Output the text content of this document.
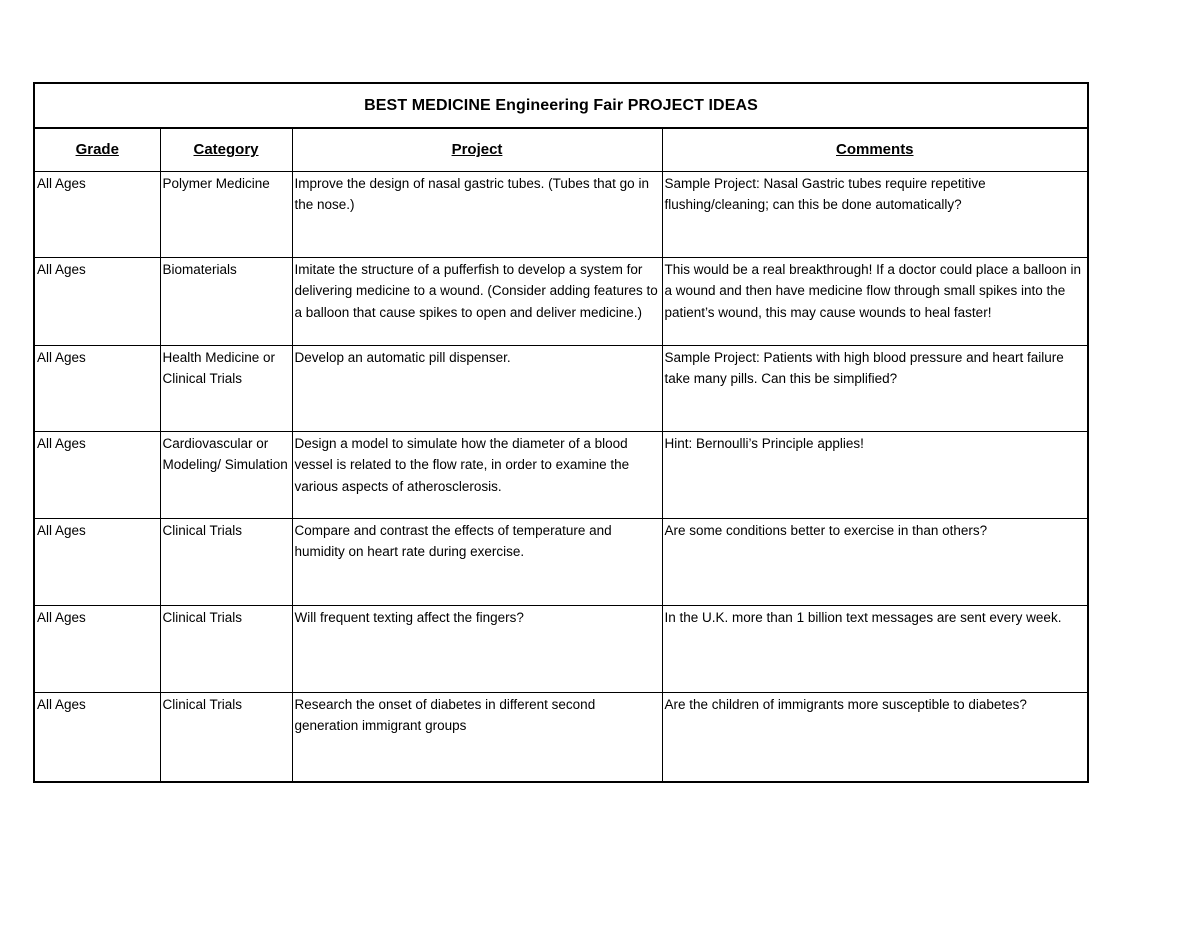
BEST MEDICINE Engineering Fair PROJECT IDEAS			
Grade	Category	Project	Comments
All Ages	Polymer Medicine	Improve the design of nasal gastric tubes. (Tubes that go in the nose.)	Sample Project: Nasal Gastric tubes require repetitive flushing/cleaning; can this be done automatically?
All Ages	Biomaterials	Imitate the structure of a pufferfish to develop a system for delivering medicine to a wound. (Consider adding features to a balloon that cause spikes to open and deliver medicine.)	This would be a real breakthrough! If a doctor could place a balloon in a wound and then have medicine flow through small spikes into the patient’s wound, this may cause wounds to heal faster!
All Ages	Health Medicine or Clinical Trials	Develop an automatic pill dispenser.	Sample Project: Patients with high blood pressure and heart failure take many pills. Can this be simplified?
All Ages	Cardiovascular or Modeling/ Simulation	Design a model to simulate how the diameter of a blood vessel is related to the flow rate, in order to examine the various aspects of atherosclerosis.	Hint: Bernoulli’s Principle applies!
All Ages	Clinical Trials	Compare and contrast the effects of temperature and humidity on heart rate during exercise.	Are some conditions better to exercise in than others?
All Ages	Clinical Trials	Will frequent texting affect the fingers?	In the U.K. more than 1 billion text messages are sent every week.
All Ages	Clinical Trials	Research the onset of diabetes in different second generation immigrant groups	Are the children of immigrants more susceptible to diabetes?
